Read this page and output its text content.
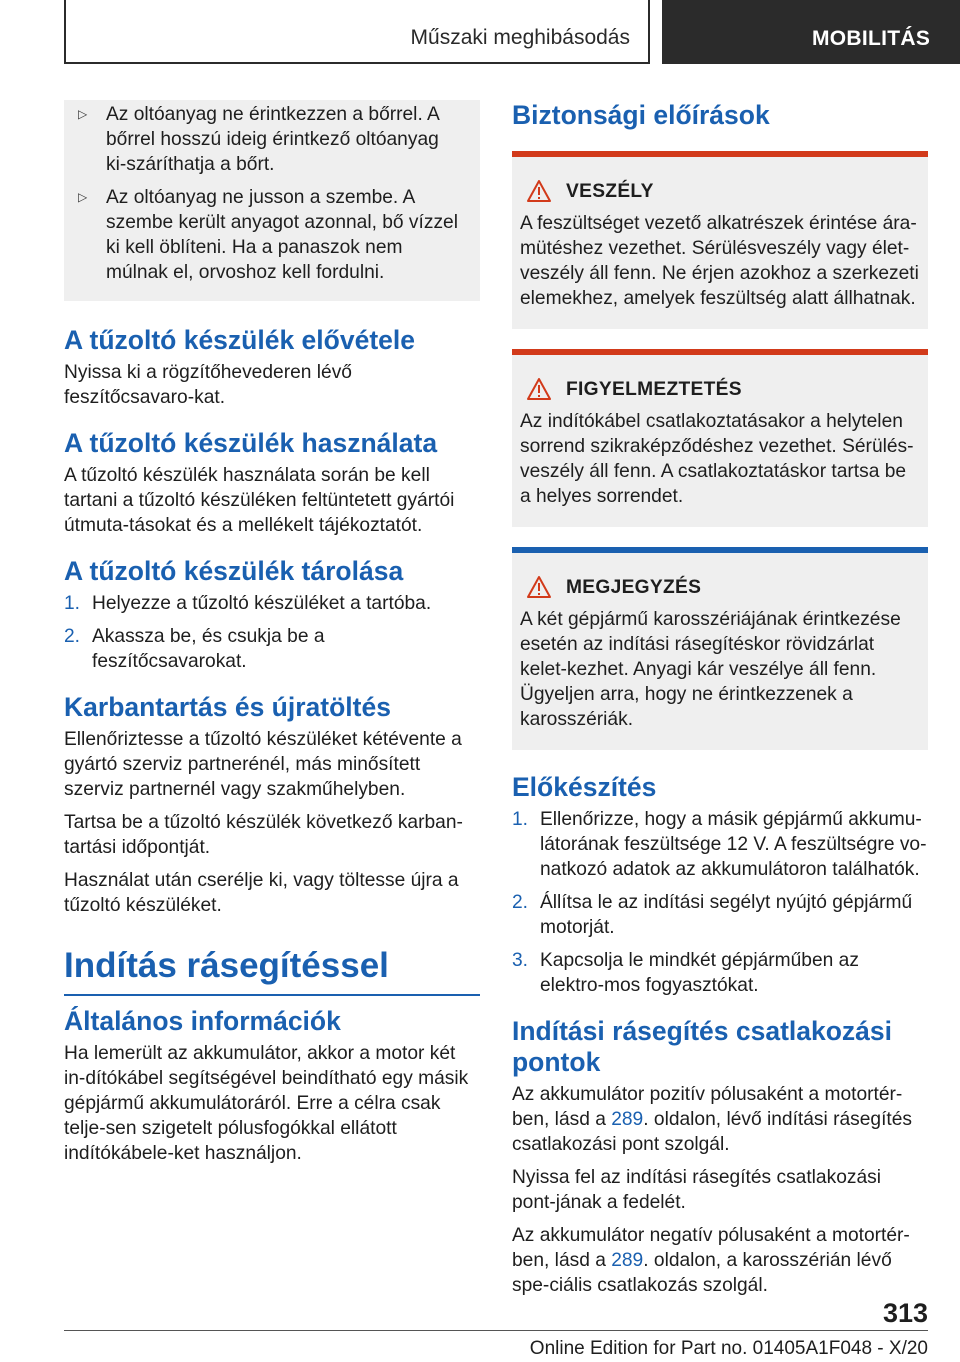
Műszaki meghibásodás	MOBILITÁS
▷ Az oltóanyag ne érintkezzen a bőrrel. A bőrrel hosszú ideig érintkező oltóanyag ki-száríthatja a bőrt.
▷ Az oltóanyag ne jusson a szembe. A szembe került anyagot azonnal, bő vízzel ki kell öblíteni. Ha a panaszok nem múlnak el, orvoshoz kell fordulni.
A tűzoltó készülék elővétele

Nyissa ki a rögzítőhevederen lévő feszítőcsavaro-kat.

A tűzoltó készülék használata

A tűzoltó készülék használata során be kell tartani a tűzoltó készüléken feltüntetett gyártói útmuta-tásokat és a mellékelt tájékoztatót.

A tűzoltó készülék tárolása
1. Helyezze a tűzoltó készüléket a tartóba.
2. Akassza be, és csukja be a feszítőcsavarokat.
Karbantartás és újratöltés

Ellenőriztesse a tűzoltó készüléket kétévente a gyártó szerviz partnerénél, más minősített szerviz partnernél vagy szakműhelyben.

Tartsa be a tűzoltó készülék következő karban-tartási időpontját.

Használat után cserélje ki, vagy töltesse újra a tűzoltó készüléket.

Indítás rásegítéssel
Általános információk

Ha lemerült az akkumulátor, akkor a motor két in-dítókábel segítségével beindítható egy másik gépjármű akkumulátoráról. Erre a célra csak telje-sen szigetelt pólusfogókkal ellátott indítókábele-ket használjon.

Biztonsági előírások
VESZÉLY

A feszültséget vezető alkatrészek érintése ára-mütéshez vezethet. Sérülésveszély vagy élet-veszély áll fenn. Ne érjen azokhoz a szerkezeti elemekhez, amelyek feszültség alatt állhatnak.

FIGYELMEZTETÉS

Az indítókábel csatlakoztatásakor a helytelen sorrend szikraképződéshez vezethet. Sérülés-veszély áll fenn. A csatlakoztatáskor tartsa be a helyes sorrendet.

MEGJEGYZÉS

A két gépjármű karosszériájának érintkezése esetén az indítási rásegítéskor rövidzárlat kelet-kezhet. Anyagi kár veszélye áll fenn. Ügyeljen arra, hogy ne érintkezzenek a karosszériák.

Előkészítés
1. Ellenőrizze, hogy a másik gépjármű akkumu-látorának feszültsége 12 V. A feszültségre vo-natkozó adatok az akkumulátoron találhatók.
2. Állítsa le az indítási segélyt nyújtó gépjármű motorját.
3. Kapcsolja le mindkét gépjárműben az elektro-mos fogyasztókat.
Indítási rásegítés csatlakozási pontok

Az akkumulátor pozitív pólusaként a motortér-ben, lásd a 289. oldalon, lévő indítási rásegítés csatlakozási pont szolgál.

Nyissa fel az indítási rásegítés csatlakozási pont-jának a fedelét.

Az akkumulátor negatív pólusaként a motortér-ben, lásd a 289. oldalon, a karosszérián lévő spe-ciális csatlakozás szolgál.

313
Online Edition for Part no. 01405A1F048 - X/20
